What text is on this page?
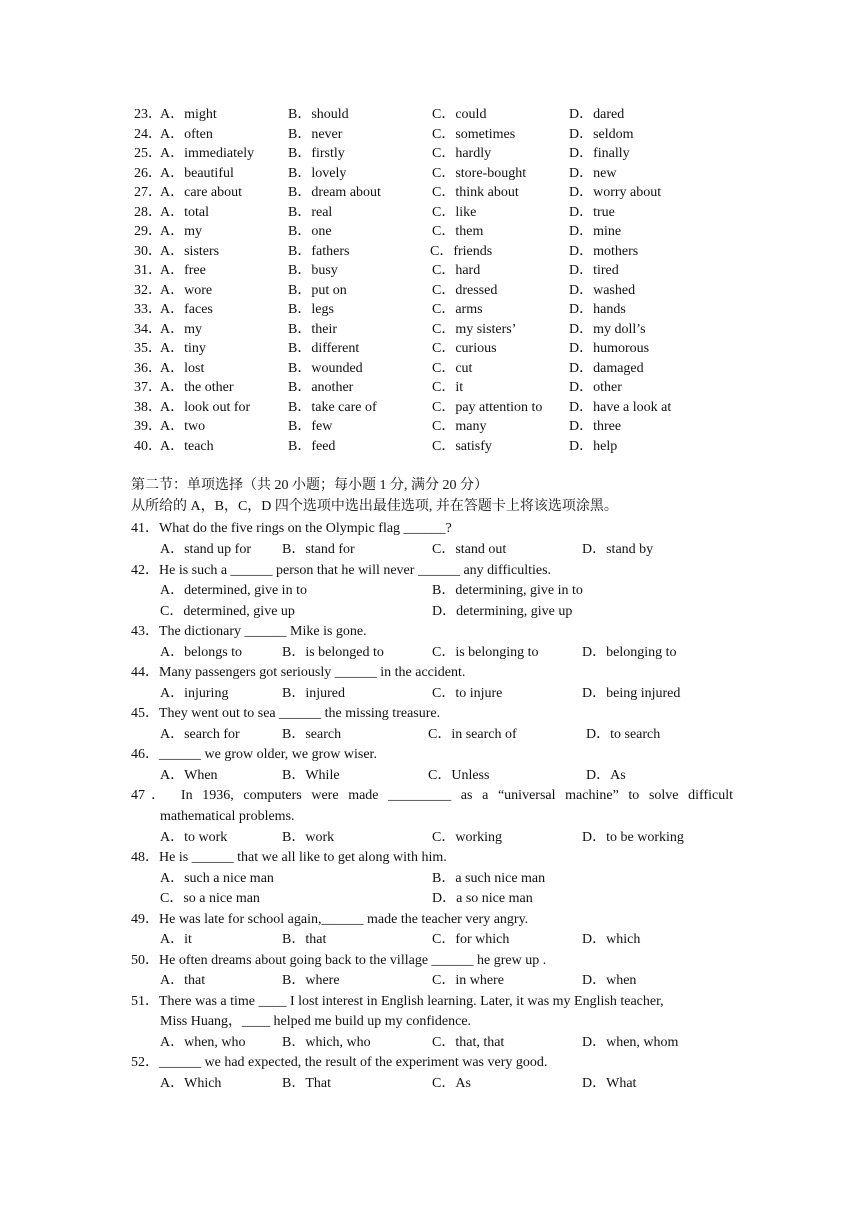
23．
A．might	B．should	C．could	D．dared
24．
A．often	B．never	C．sometimes	D．seldom
25．
A．immediately B．firstly	C．hardly	D．finally
26．
A．beautiful	B．lovely	C．store-bought	D．new
27．
A．care about	B．dream about	C．think about	D．worry about
28．
A．total	B．real	C．like	D．true
29．
A．my	B．one	C．them	D．mine
30．
A．sisters	B．fathers	C．friends	D．mothers
31．
A．free	B．busy	C．hard	D．tired
32．
A．wore	B．put on	C．dressed	D．washed
33．
A．faces	B．legs	C．arms	D．hands
34．
A．my	B．their	C．my sisters’	D．my doll’s
35．
A．tiny	B．different	C．curious	D．humorous
36．
A．lost	B．wounded	C．cut	D．damaged
37．
A．the other	B．another	C．it	D．other
38．
A．look out for	B．take care of	C．pay attention to D．have a look at
39．
A．two	B．few	C．many	D．three
40．
A．teach	B．feed	C．satisfy	D．help
第二节：单项选择（共 20 小题；每小题 1 分, 满分 20 分）
从所给的 A，B，C，D 四个选项中选出最佳选项, 并在答题卡上将该选项涂黑。
41．What do the five rings on the Olympic flag ______?
A．stand up for B．stand for	C．stand out	D．stand by
42．He is such a ______ person that he will never ______ any difficulties.
A．determined, give in to	B．determining, give in to
C．determined, give up	D．determining, give up
43．The dictionary ______ Mike is gone.
A．belongs to	B．is belonged to	C．is belonging to	D．belonging to
44．Many passengers got seriously ______ in the accident.
A．injuring	B．injured	C．to injure	D．being injured
45．They went out to sea ______ the missing treasure.
A．search for	B．search	C．in search of	D．to search
46．______ we grow older, we grow wiser.
A．When	B．While	C．Unless	D．As
47． In 1936, computers were made _________ as a “universal machine” to solve difficult
mathematical problems.
A．to work	B．work	C．working	D．to be working
48．He is ______ that we all like to get along with him.
A．such a nice man	B．a such nice man
C．so a nice man	D．a so nice man
49．He was late for school again,______ made the teacher very angry.
A．it	B．that	C．for which	D．which
50．He often dreams about going back to the village ______ he grew up .
A．that	B．where	C．in where	D．when
51．There was a time ____ I lost interest in English learning. Later, it was my English teacher,
Miss Huang，____ helped me build up my confidence.
A．when, who	B．which, who	C．that, that	D．when, whom
52．______ we had expected, the result of the experiment was very good.
A．Which	B．That	C．As	D．What
